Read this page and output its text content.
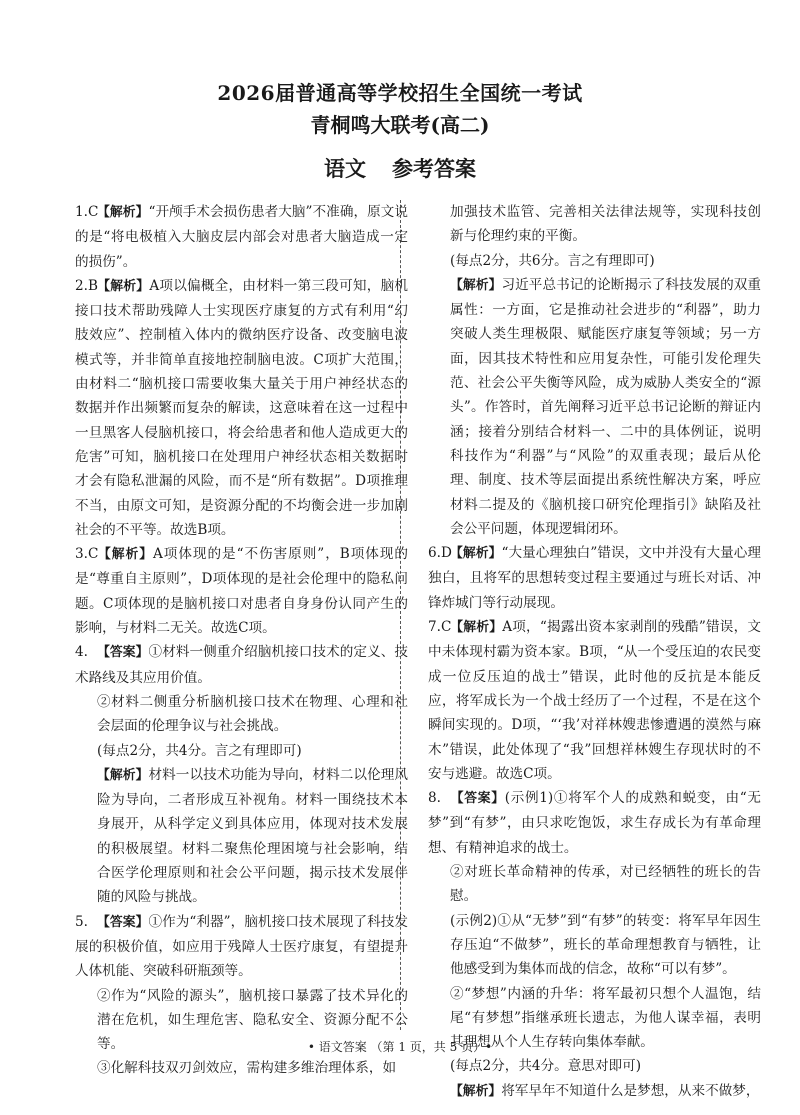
2026届普通高等学校招生全国统一考试
青桐鸣大联考(高二)
语文 参考答案

1.C【解析】“开颅手术会损伤患者大脑”不准确，原文说的是“将电极植入大脑皮层内部会对患者大脑造成一定的损伤”。

2.B【解析】A项以偏概全，由材料一第三段可知，脑机接口技术帮助残障人士实现医疗康复的方式有利用“幻肢效应”、控制植入体内的微纳医疗设备、改变脑电波模式等，并非简单直接地控制脑电波。C项扩大范围，由材料二“脑机接口需要收集大量关于用户神经状态的数据并作出频繁而复杂的解读，这意味着在这一过程中一旦黑客人侵脑机接口，将会给患者和他人造成更大的危害”可知，脑机接口在处理用户神经状态相关数据时才会有隐私泄漏的风险，而不是“所有数据”。D项推理不当，由原文可知，是资源分配的不均衡会进一步加剧社会的不平等。故选B项。

3.C【解析】A项体现的是“不伤害原则”，B项体现的是“尊重自主原则”，D项体现的是社会伦理中的隐私问题。C项体现的是脑机接口对患者自身身份认同产生的影响，与材料二无关。故选C项。

4. 【答案】①材料一侧重介绍脑机接口技术的定义、技术路线及其应用价值。

②材料二侧重分析脑机接口技术在物理、心理和社会层面的伦理争议与社会挑战。

(每点2分，共4分。言之有理即可)

【解析】材料一以技术功能为导向，材料二以伦理风险为导向，二者形成互补视角。材料一围绕技术本身展开，从科学定义到具体应用，体现对技术发展的积极展望。材料二聚焦伦理困境与社会影响，结合医学伦理原则和社会公平问题，揭示技术发展伴随的风险与挑战。

5. 【答案】①作为“利器”，脑机接口技术展现了科技发展的积极价值，如应用于残障人士医疗康复，有望提升人体机能、突破科研瓶颈等。

②作为“风险的源头”，脑机接口暴露了技术异化的潜在危机，如生理危害、隐私安全、资源分配不公等。

③化解科技双刃剑效应，需构建多维治理体系，如

加强技术监管、完善相关法律法规等，实现科技创新与伦理约束的平衡。

(每点2分，共6分。言之有理即可)

【解析】习近平总书记的论断揭示了科技发展的双重属性：一方面，它是推动社会进步的“利器”，助力突破人类生理极限、赋能医疗康复等领域；另一方面，因其技术特性和应用复杂性，可能引发伦理失范、社会公平失衡等风险，成为威胁人类安全的“源头”。作答时，首先阐释习近平总书记论断的辩证内涵；接着分别结合材料一、二中的具体例证，说明科技作为“利器”与“风险”的双重表现；最后从伦理、制度、技术等层面提出系统性解决方案，呼应材料二提及的《脑机接口研究伦理指引》缺陷及社会公平问题，体现逻辑闭环。

6.D【解析】“大量心理独白”错误，文中并没有大量心理独白，且将军的思想转变过程主要通过与班长对话、冲锋炸城门等行动展现。

7.C【解析】A项，“揭露出资本家剥削的残酷”错误，文中未体现村霸为资本家。B项，“从一个受压迫的农民变成一位反压迫的战士”错误，此时他的反抗是本能反应，将军成长为一个战士经历了一个过程，不是在这个瞬间实现的。D项，“‘我’对祥林嫂悲惨遭遇的漠然与麻木”错误，此处体现了“我”回想祥林嫂生存现状时的不安与逃避。故选C项。

8. 【答案】(示例1)①将军个人的成熟和蜕变，由“无梦”到“有梦”，由只求吃饱饭，求生存成长为有革命理想、有精神追求的战士。

②对班长革命精神的传承，对已经牺牲的班长的告慰。

(示例2)①从“无梦”到“有梦”的转变：将军早年因生存压迫“不做梦”，班长的革命理想教育与牺牲，让他感受到为集体而战的信念，故称“可以有梦”。

②“梦想”内涵的升华：将军最初只想个人温饱，结尾“有梦想”指继承班长遗志，为他人谋幸福，表明其理想从个人生存转向集体奉献。

(每点2分，共4分。意思对即可)

【解析】将军早年不知道什么是梦想，从来不做梦，

• 语文答案 （第 1 页，共 5 页）•
